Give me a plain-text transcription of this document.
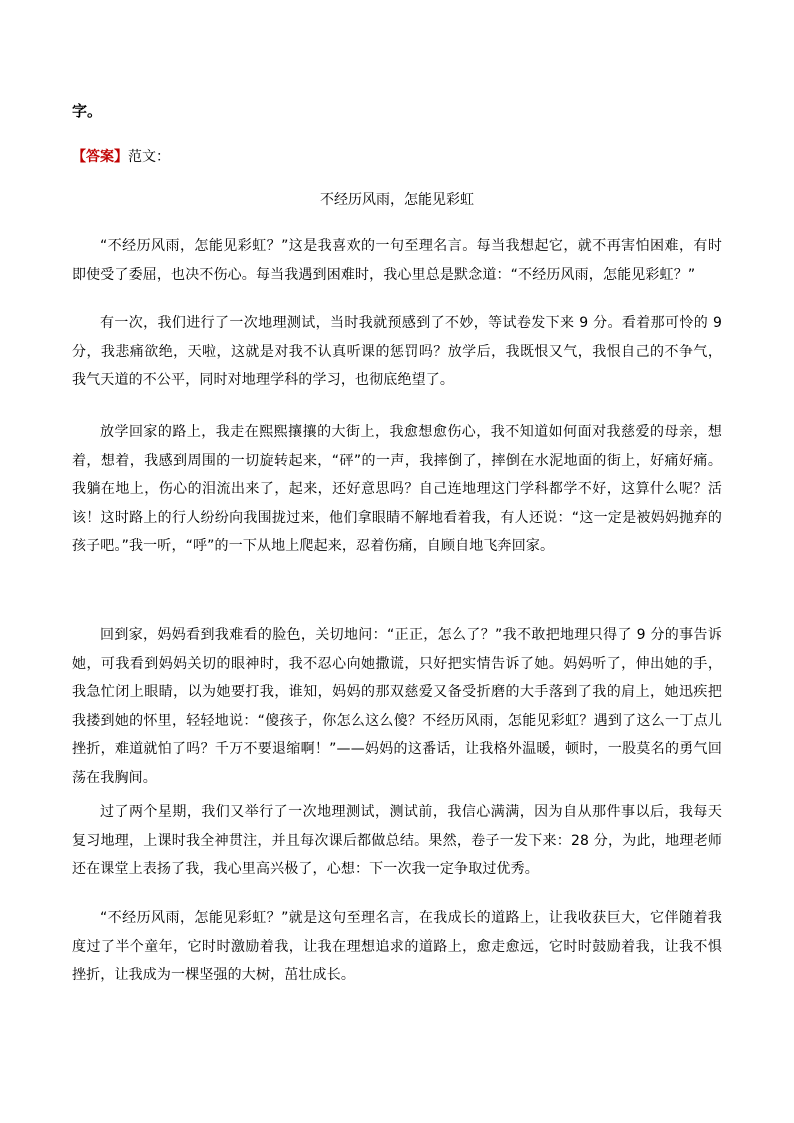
字。
【答案】范文：
不经历风雨，怎能见彩虹
“不经历风雨，怎能见彩虹？”这是我喜欢的一句至理名言。每当我想起它，就不再害怕困难，有时即使受了委屈，也决不伤心。每当我遇到困难时，我心里总是默念道：“不经历风雨，怎能见彩虹？”
有一次，我们进行了一次地理测试，当时我就预感到了不妙，等试卷发下来 9 分。看着那可怜的 9 分，我悲痛欲绝，天啦，这就是对我不认真听课的惩罚吗？放学后，我既恨又气，我恨自己的不争气，我气天道的不公平，同时对地理学科的学习，也彻底绝望了。
放学回家的路上，我走在熙熙攘攘的大街上，我愈想愈伤心，我不知道如何面对我慈爱的母亲，想着，想着，我感到周围的一切旋转起来，“砰”的一声，我摔倒了，摔倒在水泥地面的街上，好痛好痛。我躺在地上，伤心的泪流出来了，起来，还好意思吗？自己连地理这门学科都学不好，这算什么呢？活该！这时路上的行人纷纷向我围拢过来，他们拿眼睛不解地看着我，有人还说：“这一定是被妈妈抛弃的孩子吧。”我一听，“呼”的一下从地上爬起来，忍着伤痛，自顾自地飞奔回家。
回到家，妈妈看到我难看的脸色，关切地问：“正正，怎么了？”我不敢把地理只得了 9 分的事告诉她，可我看到妈妈关切的眼神时，我不忍心向她撒谎，只好把实情告诉了她。妈妈听了，伸出她的手，我急忙闭上眼睛，以为她要打我，谁知，妈妈的那双慈爱又备受折磨的大手落到了我的肩上，她迅疾把我搂到她的怀里，轻轻地说：“傻孩子，你怎么这么傻？不经历风雨，怎能见彩虹？遇到了这么一丁点儿挫折，难道就怕了吗？千万不要退缩啊！”——妈妈的这番话，让我格外温暖，顿时，一股莫名的勇气回荡在我胸间。
过了两个星期，我们又举行了一次地理测试，测试前，我信心满满，因为自从那件事以后，我每天复习地理，上课时我全神贯注，并且每次课后都做总结。果然，卷子一发下来：28 分，为此，地理老师还在课堂上表扬了我，我心里高兴极了，心想：下一次我一定争取过优秀。
“不经历风雨，怎能见彩虹？”就是这句至理名言，在我成长的道路上，让我收获巨大，它伴随着我度过了半个童年，它时时激励着我，让我在理想追求的道路上，愈走愈远，它时时鼓励着我，让我不惧挫折，让我成为一棵坚强的大树，茁壮成长。
